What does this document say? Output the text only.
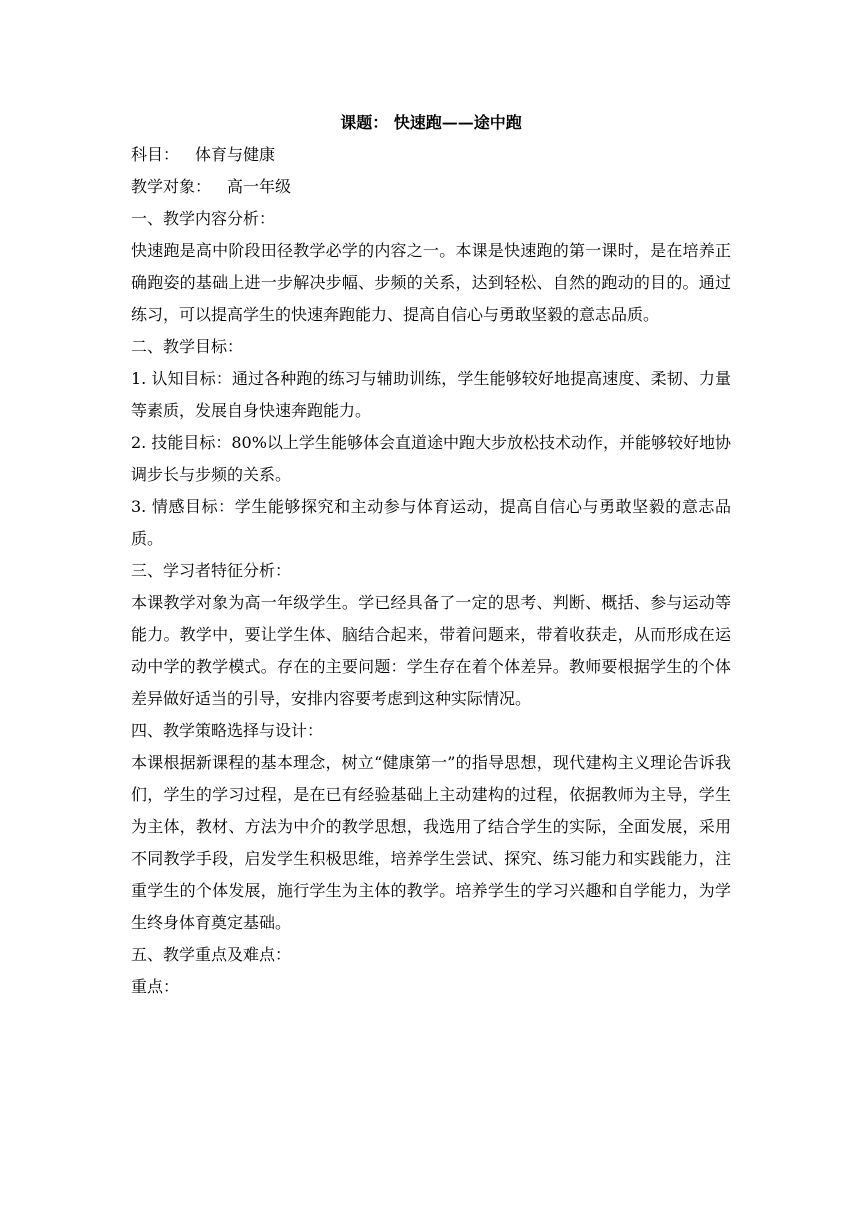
课题： 快速跑——途中跑
科目： 体育与健康
教学对象： 高一年级
一、教学内容分析：
快速跑是高中阶段田径教学必学的内容之一。本课是快速跑的第一课时，是在培养正确跑姿的基础上进一步解决步幅、步频的关系，达到轻松、自然的跑动的目的。通过练习，可以提高学生的快速奔跑能力、提高自信心与勇敢坚毅的意志品质。
二、教学目标：
1. 认知目标：通过各种跑的练习与辅助训练，学生能够较好地提高速度、柔韧、力量等素质，发展自身快速奔跑能力。
2. 技能目标：80%以上学生能够体会直道途中跑大步放松技术动作，并能够较好地协调步长与步频的关系。
3. 情感目标：学生能够探究和主动参与体育运动，提高自信心与勇敢坚毅的意志品质。
三、学习者特征分析：
本课教学对象为高一年级学生。学已经具备了一定的思考、判断、概括、参与运动等能力。教学中，要让学生体、脑结合起来，带着问题来，带着收获走，从而形成在运动中学的教学模式。存在的主要问题：学生存在着个体差异。教师要根据学生的个体差异做好适当的引导，安排内容要考虑到这种实际情况。
四、教学策略选择与设计：
本课根据新课程的基本理念，树立“健康第一”的指导思想，现代建构主义理论告诉我们，学生的学习过程，是在已有经验基础上主动建构的过程，依据教师为主导，学生为主体，教材、方法为中介的教学思想，我选用了结合学生的实际，全面发展，采用不同教学手段，启发学生积极思维，培养学生尝试、探究、练习能力和实践能力，注重学生的个体发展，施行学生为主体的教学。培养学生的学习兴趣和自学能力，为学生终身体育奠定基础。
五、教学重点及难点：
重点：
